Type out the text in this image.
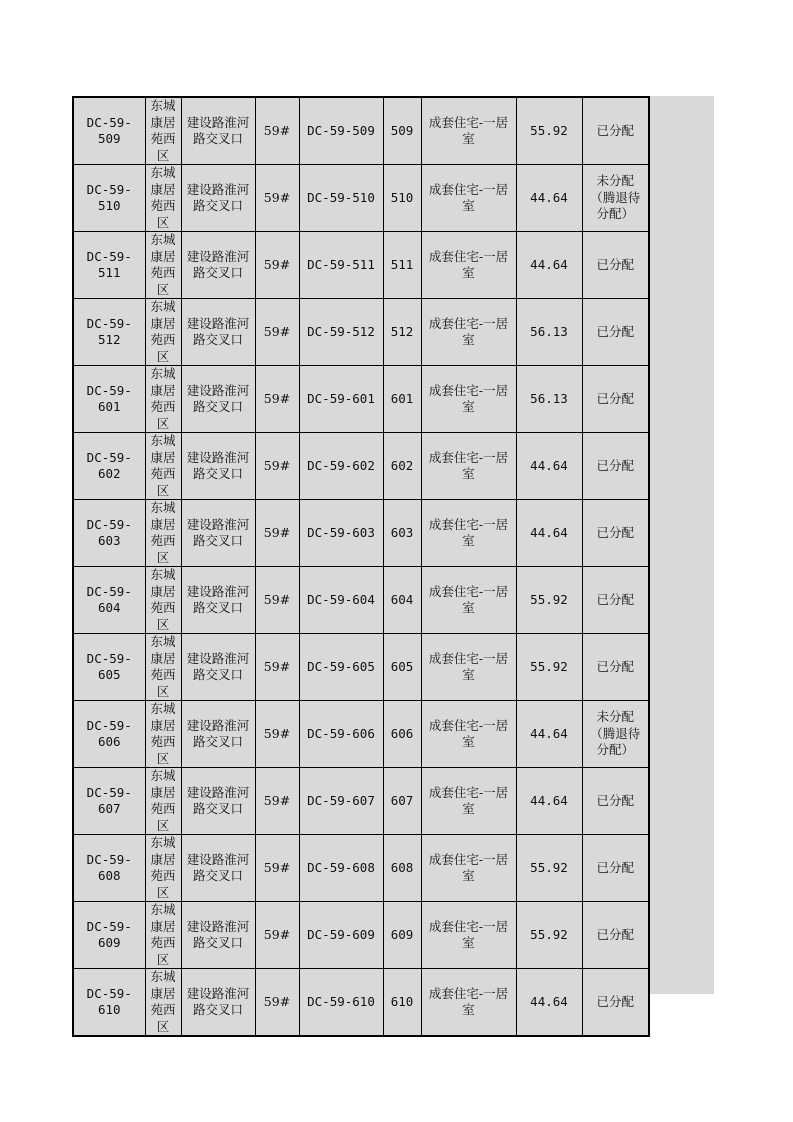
DC-59-509	东城康居苑西区	建设路淮河路交叉口	59#	DC-59-509	509	成套住宅-一居室	55.92	已分配

DC-59-510	东城康居苑西区	建设路淮河路交叉口	59#	DC-59-510	510	成套住宅-一居室	44.64	未分配（腾退待分配）

DC-59-511	东城康居苑西区	建设路淮河路交叉口	59#	DC-59-511	511	成套住宅-一居室	44.64	已分配

DC-59-512	东城康居苑西区	建设路淮河路交叉口	59#	DC-59-512	512	成套住宅-一居室	56.13	已分配

DC-59-601	东城康居苑西区	建设路淮河路交叉口	59#	DC-59-601	601	成套住宅-一居室	56.13	已分配

DC-59-602	东城康居苑西区	建设路淮河路交叉口	59#	DC-59-602	602	成套住宅-一居室	44.64	已分配

DC-59-603	东城康居苑西区	建设路淮河路交叉口	59#	DC-59-603	603	成套住宅-一居室	44.64	已分配

DC-59-604	东城康居苑西区	建设路淮河路交叉口	59#	DC-59-604	604	成套住宅-一居室	55.92	已分配

DC-59-605	东城康居苑西区	建设路淮河路交叉口	59#	DC-59-605	605	成套住宅-一居室	55.92	已分配

DC-59-606	东城康居苑西区	建设路淮河路交叉口	59#	DC-59-606	606	成套住宅-一居室	44.64	未分配（腾退待分配）

DC-59-607	东城康居苑西区	建设路淮河路交叉口	59#	DC-59-607	607	成套住宅-一居室	44.64	已分配

DC-59-608	东城康居苑西区	建设路淮河路交叉口	59#	DC-59-608	608	成套住宅-一居室	55.92	已分配

DC-59-609	东城康居苑西区	建设路淮河路交叉口	59#	DC-59-609	609	成套住宅-一居室	55.92	已分配

DC-59-610	东城康居苑西区	建设路淮河路交叉口	59#	DC-59-610	610	成套住宅-一居室	44.64	已分配
